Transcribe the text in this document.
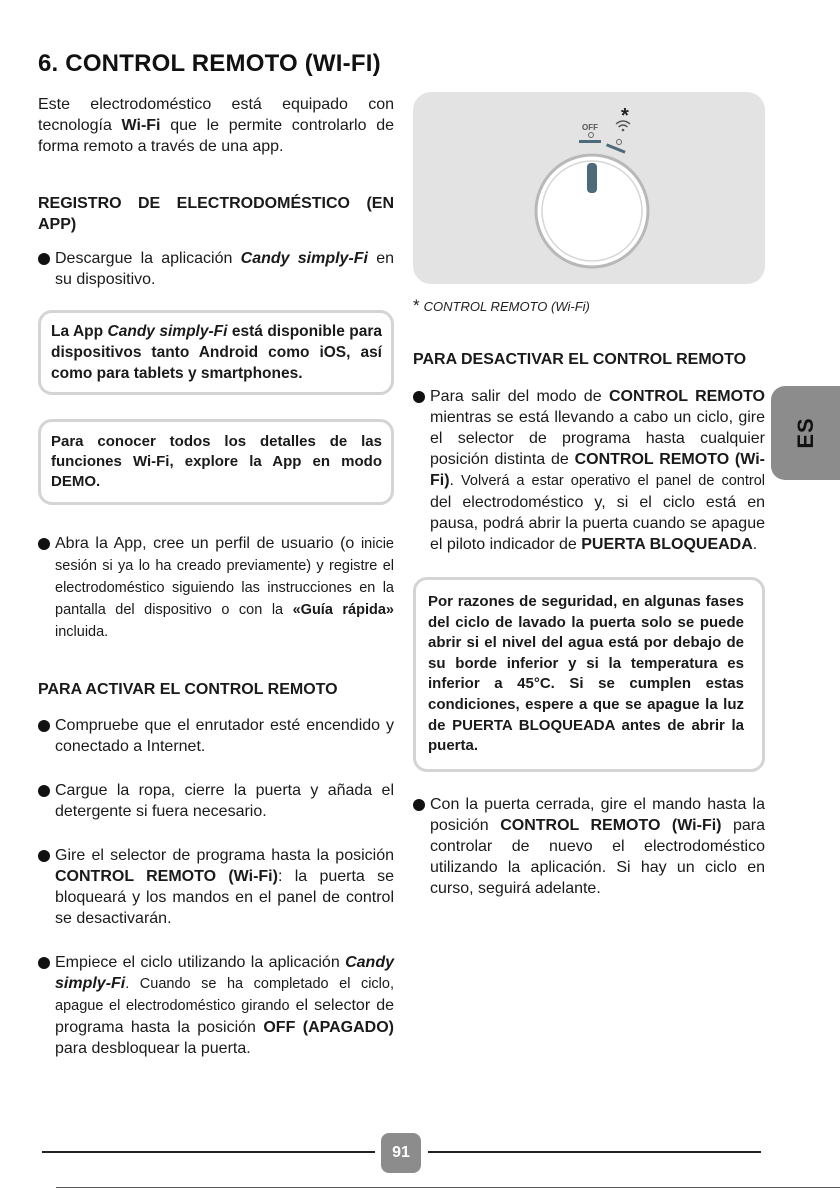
6. CONTROL REMOTO (WI-FI)

Este electrodoméstico está equipado con tecnología Wi-Fi que le permite controlarlo de forma remoto a través de una app.

REGISTRO DE ELECTRODOMÉSTICO (EN APP)

Descargue la aplicación Candy simply-Fi en su dispositivo.
La App Candy simply-Fi está disponible para dispositivos tanto Android como iOS, así como para tablets y smartphones.
Para conocer todos los detalles de las funciones Wi-Fi, explore la App en modo DEMO.
Abra la App, cree un perfil de usuario (o inicie sesión si ya lo ha creado previamente) y registre el electrodoméstico siguiendo las instrucciones en la pantalla del dispositivo o con la «Guía rápida» incluida.

PARA ACTIVAR EL CONTROL REMOTO

Compruebe que el enrutador esté encendido y conectado a Internet.
Cargue la ropa, cierre la puerta y añada el detergente si fuera necesario.
Gire el selector de programa hasta la posición CONTROL REMOTO (Wi-Fi): la puerta se bloqueará y los mandos en el panel de control se desactivarán.
Empiece el ciclo utilizando la aplicación Candy simply-Fi. Cuando se ha completado el ciclo, apague el electrodoméstico girando el selector de programa hasta la posición OFF (APAGADO) para desbloquear la puerta.
OFF
*

* CONTROL REMOTO (Wi-Fi)

PARA DESACTIVAR EL CONTROL REMOTO

Para salir del modo de CONTROL REMOTO mientras se está llevando a cabo un ciclo, gire el selector de programa hasta cualquier posición distinta de CONTROL REMOTO (Wi-Fi). Volverá a estar operativo el panel de control del electrodoméstico y, si el ciclo está en pausa, podrá abrir la puerta cuando se apague el piloto indicador de PUERTA BLOQUEADA.
Por razones de seguridad, en algunas fases del ciclo de lavado la puerta solo se puede abrir si el nivel del agua está por debajo de su borde inferior y si la temperatura es inferior a 45°C. Si se cumplen estas condiciones, espere a que se apague la luz de PUERTA BLOQUEADA antes de abrir la puerta.
Con la puerta cerrada, gire el mando hasta la posición CONTROL REMOTO (Wi-Fi) para controlar de nuevo el electrodoméstico utilizando la aplicación. Si hay un ciclo en curso, seguirá adelante.
ES
91
